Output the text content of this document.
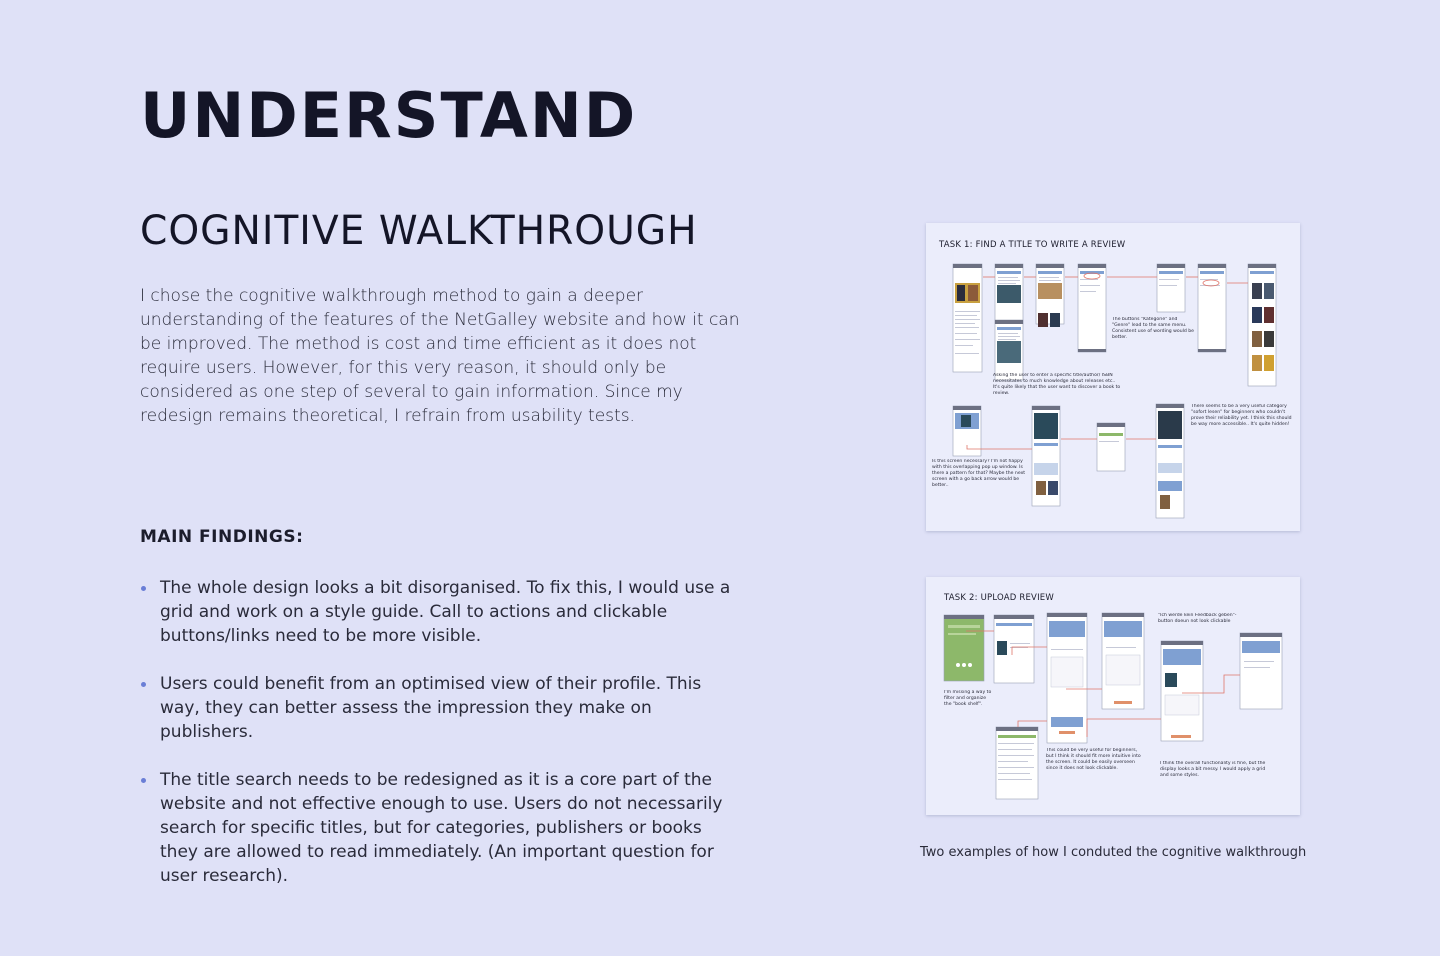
UNDERSTAND
COGNITIVE WALKTHROUGH

I chose the cognitive walkthrough method to gain a deeper understanding of the features of the NetGalley website and how it can be improved. The method is cost and time efficient as it does not require users. However, for this very reason, it should only be considered as one step of several to gain information. Since my redesign remains theoretical, I refrain from usability tests.

MAIN FINDINGS:
The whole design looks a bit disorganised. To fix this, I would use a grid and work on a style guide. Call to actions and clickable buttons/links need to be more visible.
Users could benefit from an optimised view of their profile. This way, they can better assess the impression they make on publishers.
The title search needs to be redesigned as it is a core part of the website and not effective enough to use. Users do not necessarily search for specific titles, but for categories, publishers or books they are allowed to read immediately. (An important question for user research).
The buttons "Kategorie" and "Genre" lead to the same menu. Consistent use of wording would be better.
Asking the user to enter a specific title/author/ ISBN necessitates to much knowledge about releases etc.. It's quite likely that the user want to discover a book to review.
There seems to be a very useful category "sofort lesen" for beginners who couldn't prove their reliability yet. I think this should be way more accessible.. It's quite hidden!
Is this screen necessary? I'm not happy with this overlapping pop up window. Is there a pattern for that? Maybe the next screen with a go back arrow would be better..
TASK 1: FIND A TITLE TO WRITE A REVIEW
"Ich werde kein Feedback geben"-button doeun not look clickable
I'm missing a way to filter and organize the "book shelf".
This could be very useful for beginners, but I think it should fit more intuitive into the screen. It could be easily overseen since it does not look clickable.
I think the overall functionality is fine, but the display looks a bit messy. I would apply a grid and some styles.
TASK 2: UPLOAD REVIEW

Two examples of how I conduted the cognitive walkthrough
